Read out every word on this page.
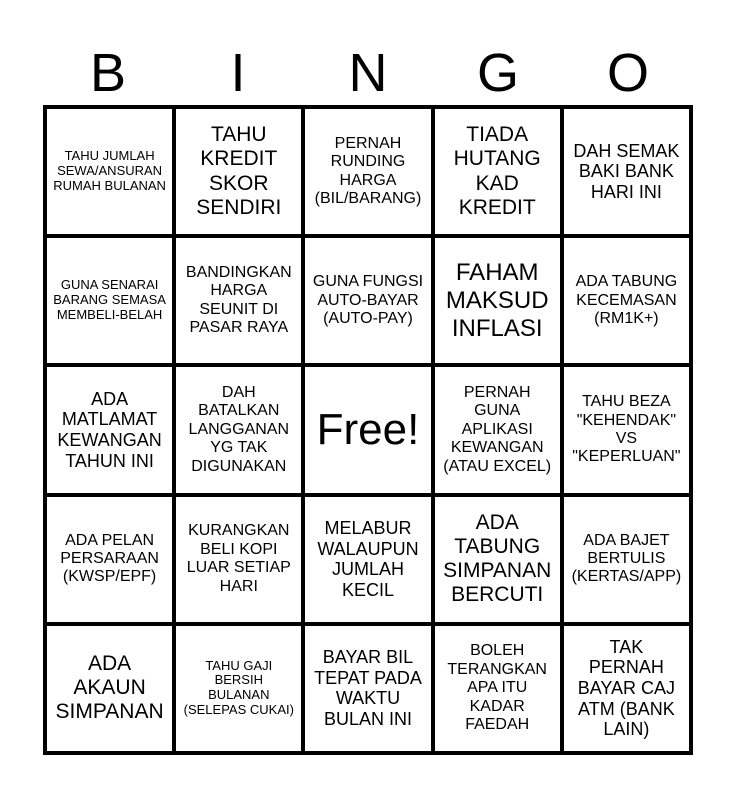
B	I	N	G	O
TAHU JUMLAH SEWA/ANSURAN RUMAH BULANAN
TAHU KREDIT SKOR SENDIRI
PERNAH RUNDING HARGA (BIL/BARANG)
TIADA HUTANG KAD KREDIT
DAH SEMAK BAKI BANK HARI INI
GUNA SENARAI BARANG SEMASA MEMBELI-BELAH
BANDINGKAN HARGA SEUNIT DI PASAR RAYA
GUNA FUNGSI AUTO-BAYAR (AUTO-PAY)
FAHAM MAKSUD INFLASI
ADA TABUNG KECEMASAN (RM1K+)
ADA MATLAMAT KEWANGAN TAHUN INI
DAH BATALKAN LANGGANAN YG TAK DIGUNAKAN
Free!
PERNAH GUNA APLIKASI KEWANGAN (ATAU EXCEL)
TAHU BEZA "KEHENDAK" VS "KEPERLUAN"
ADA PELAN PERSARAAN (KWSP/EPF)
KURANGKAN BELI KOPI LUAR SETIAP HARI
MELABUR WALAUPUN JUMLAH KECIL
ADA TABUNG SIMPANAN BERCUTI
ADA BAJET BERTULIS (KERTAS/APP)
ADA AKAUN SIMPANAN
TAHU GAJI BERSIH BULANAN (SELEPAS CUKAI)
BAYAR BIL TEPAT PADA WAKTU BULAN INI
BOLEH TERANGKAN APA ITU KADAR FAEDAH
TAK PERNAH BAYAR CAJ ATM (BANK LAIN)
